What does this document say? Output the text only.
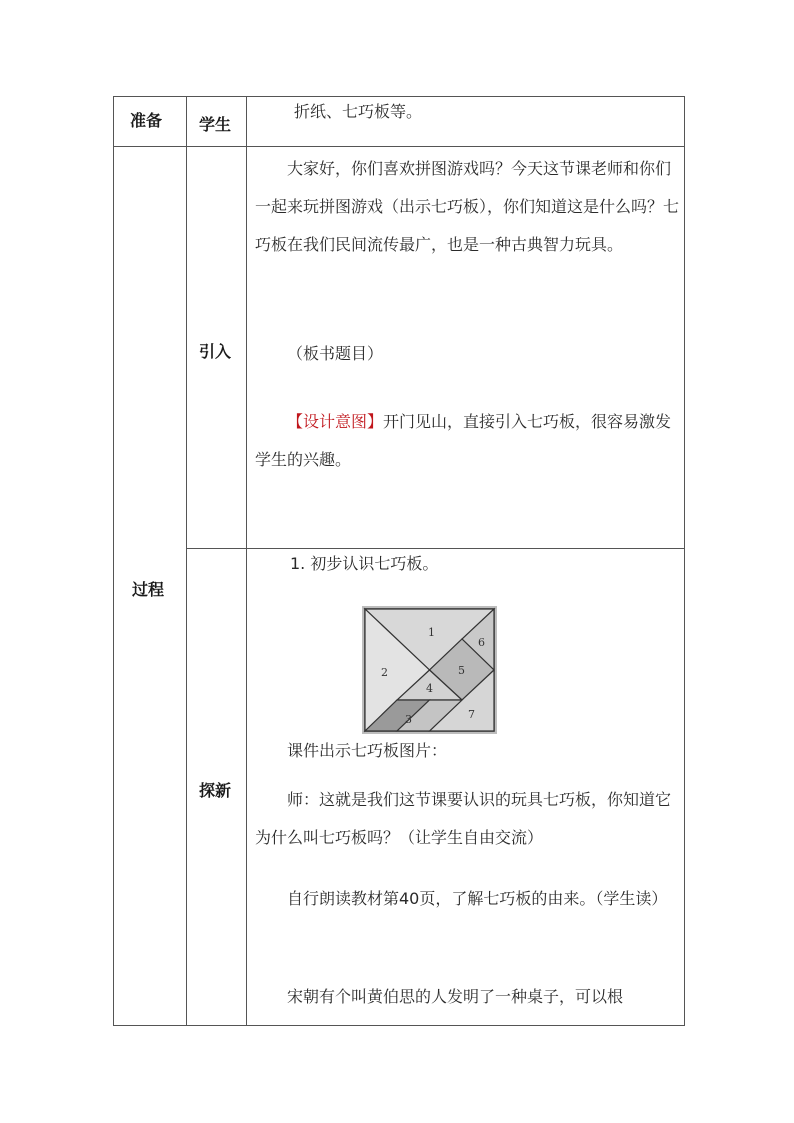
准备 学生
折纸、七巧板等。
过程
引入
大家好，你们喜欢拼图游戏吗？今天这节课老师和你们一起来玩拼图游戏（出示七巧板），你们知道这是什么吗？七巧板在我们民间流传最广，也是一种古典智力玩具。
（板书题目）
【设计意图】开门见山，直接引入七巧板，很容易激发学生的兴趣。
探新
1. 初步认识七巧板。
1
2
3
4
5
6
7
课件出示七巧板图片：
师：这就是我们这节课要认识的玩具七巧板，你知道它为什么叫七巧板吗？（让学生自由交流）
自行朗读教材第40页，了解七巧板的由来。（学生读）
宋朝有个叫黄伯思的人发明了一种桌子，可以根
